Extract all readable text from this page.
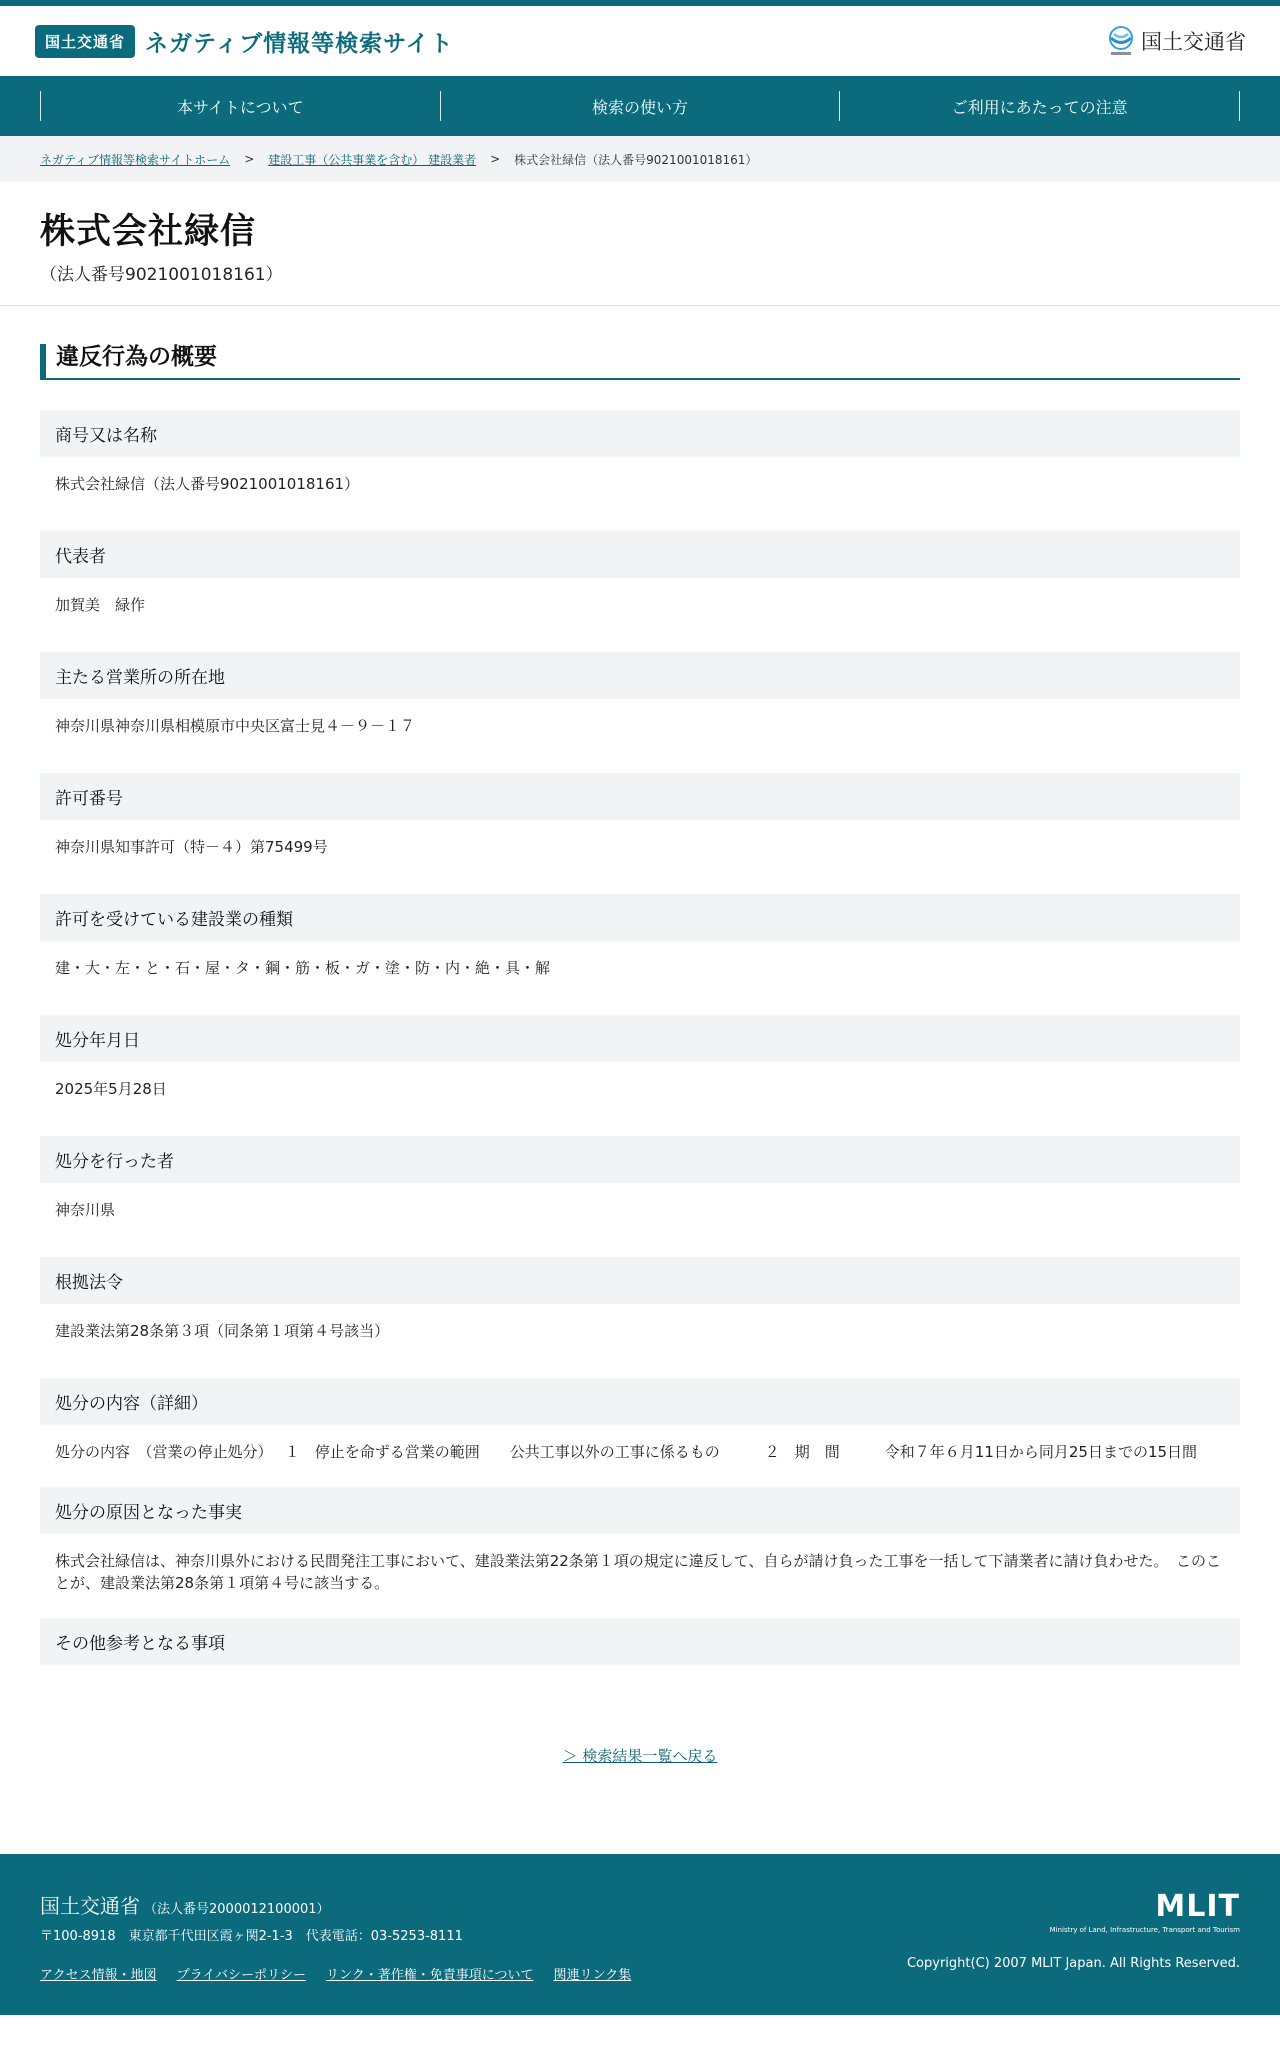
国土交通省 ネガティブ情報等検索サイト	国土交通省
本サイトについて	検索の使い方	ご利用にあたっての注意
ネガティブ情報等検索サイトホーム > 建設工事（公共事業を含む） 建設業者 > 株式会社緑信（法人番号9021001018161）
株式会社緑信
（法人番号9021001018161）
違反行為の概要
商号又は名称
株式会社緑信（法人番号9021001018161）
代表者
加賀美　緑作
主たる営業所の所在地
神奈川県神奈川県相模原市中央区富士見４－９－１７
許可番号
神奈川県知事許可（特－４）第75499号
許可を受けている建設業の種類
建・大・左・と・石・屋・タ・鋼・筋・板・ガ・塗・防・内・絶・具・解
処分年月日
2025年5月28日
処分を行った者
神奈川県
根拠法令
建設業法第28条第３項（同条第１項第４号該当）
処分の内容（詳細）
処分の内容　（営業の停止処分）　 １　停止を命ずる営業の範囲　　公共工事以外の工事に係るもの　　　２　期　間　　　令和７年６月11日から同月25日までの15日間
処分の原因となった事実
株式会社緑信は、神奈川県外における民間発注工事において、建設業法第22条第１項の規定に違反して、自らが請け負った工事を一括して下請業者に請け負わせた。　このことが、建設業法第28条第１項第４号に該当する。
その他参考となる事項
＞ 検索結果一覧へ戻る
国土交通省 （法人番号2000012100001）
〒100-8918　東京都千代田区霞ヶ関2-1-3　代表電話：03-5253-8111
アクセス情報・地図 プライバシーポリシー リンク・著作権・免責事項について 関連リンク集
MLIT
Ministry of Land, Infrastructure, Transport and Tourism
Copyright(C) 2007 MLIT Japan. All Rights Reserved.
